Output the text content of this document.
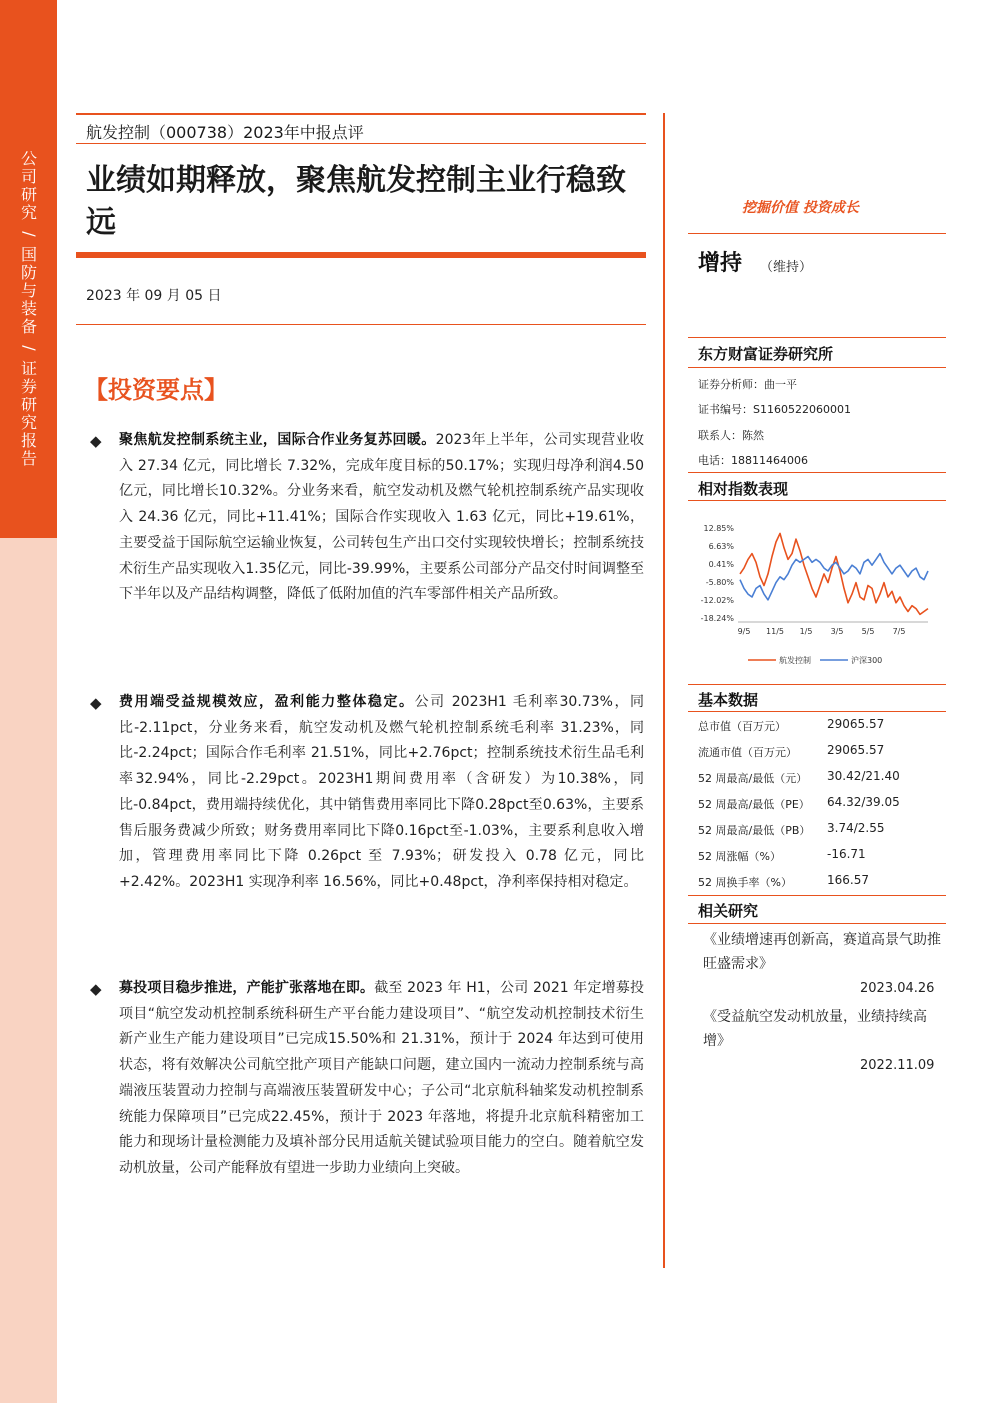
公
司
研
究
/
国
防
与
装
备
/
证
券
研
究
报
告
航发控制（000738）2023年中报点评
业绩如期释放，聚焦航发控制主业行稳致远
2023 年 09 月 05 日
【投资要点】
◆ 聚焦航发控制系统主业，国际合作业务复苏回暖。2023年上半年，公司实现营业收入 27.34 亿元，同比增长 7.32%，完成年度目标的50.17%；实现归母净利润4.50亿元，同比增长10.32%。分业务来看，航空发动机及燃气轮机控制系统产品实现收入 24.36 亿元，同比+11.41%；国际合作实现收入 1.63 亿元，同比+19.61%，主要受益于国际航空运输业恢复，公司转包生产出口交付实现较快增长；控制系统技术衍生产品实现收入1.35亿元，同比-39.99%，主要系公司部分产品交付时间调整至下半年以及产品结构调整，降低了低附加值的汽车零部件相关产品所致。
◆ 费用端受益规模效应，盈利能力整体稳定。公司 2023H1 毛利率30.73%，同比-2.11pct，分业务来看，航空发动机及燃气轮机控制系统毛利率 31.23%，同比-2.24pct；国际合作毛利率 21.51%，同比+2.76pct；控制系统技术衍生品毛利率32.94%，同比-2.29pct。2023H1期间费用率（含研发）为10.38%，同比-0.84pct，费用端持续优化，其中销售费用率同比下降0.28pct至0.63%，主要系售后服务费减少所致；财务费用率同比下降0.16pct至-1.03%，主要系利息收入增加，管理费用率同比下降 0.26pct 至 7.93%；研发投入 0.78 亿元，同比+2.42%。2023H1 实现净利率 16.56%，同比+0.48pct，净利率保持相对稳定。
◆ 募投项目稳步推进，产能扩张落地在即。截至 2023 年 H1，公司 2021 年定增募投项目“航空发动机控制系统科研生产平台能力建设项目”、“航空发动机控制技术衍生新产业生产能力建设项目”已完成15.50%和 21.31%，预计于 2024 年达到可使用状态，将有效解决公司航空批产项目产能缺口问题，建立国内一流动力控制系统与高端液压装置动力控制与高端液压装置研发中心；子公司“北京航科轴桨发动机控制系统能力保障项目”已完成22.45%，预计于 2023 年落地，将提升北京航科精密加工能力和现场计量检测能力及填补部分民用适航关键试验项目能力的空白。随着航空发动机放量，公司产能释放有望进一步助力业绩向上突破。
挖掘价值 投资成长
增持 （维持）
东方财富证券研究所
证券分析师：曲一平
证书编号：S1160522060001
联系人：陈然
电话：18811464006
相对指数表现
12.85%
6.63%
0.41%
-5.80%
-12.02%
-18.24%
9/5 11/5 1/5 3/5 5/5 7/5
航发控制	沪深300
基本数据
总市值（百万元）	29065.57
流通市值（百万元）	29065.57
52 周最高/最低（元） 30.42/21.40
52 周最高/最低（PE） 64.32/39.05
52 周最高/最低（PB） 3.74/2.55
52 周涨幅（%）	-16.71
52 周换手率（%）	166.57
相关研究
《业绩增速再创新高，赛道高景气助推旺盛需求》
2023.04.26
《受益航空发动机放量，业绩持续高增》
2022.11.09
